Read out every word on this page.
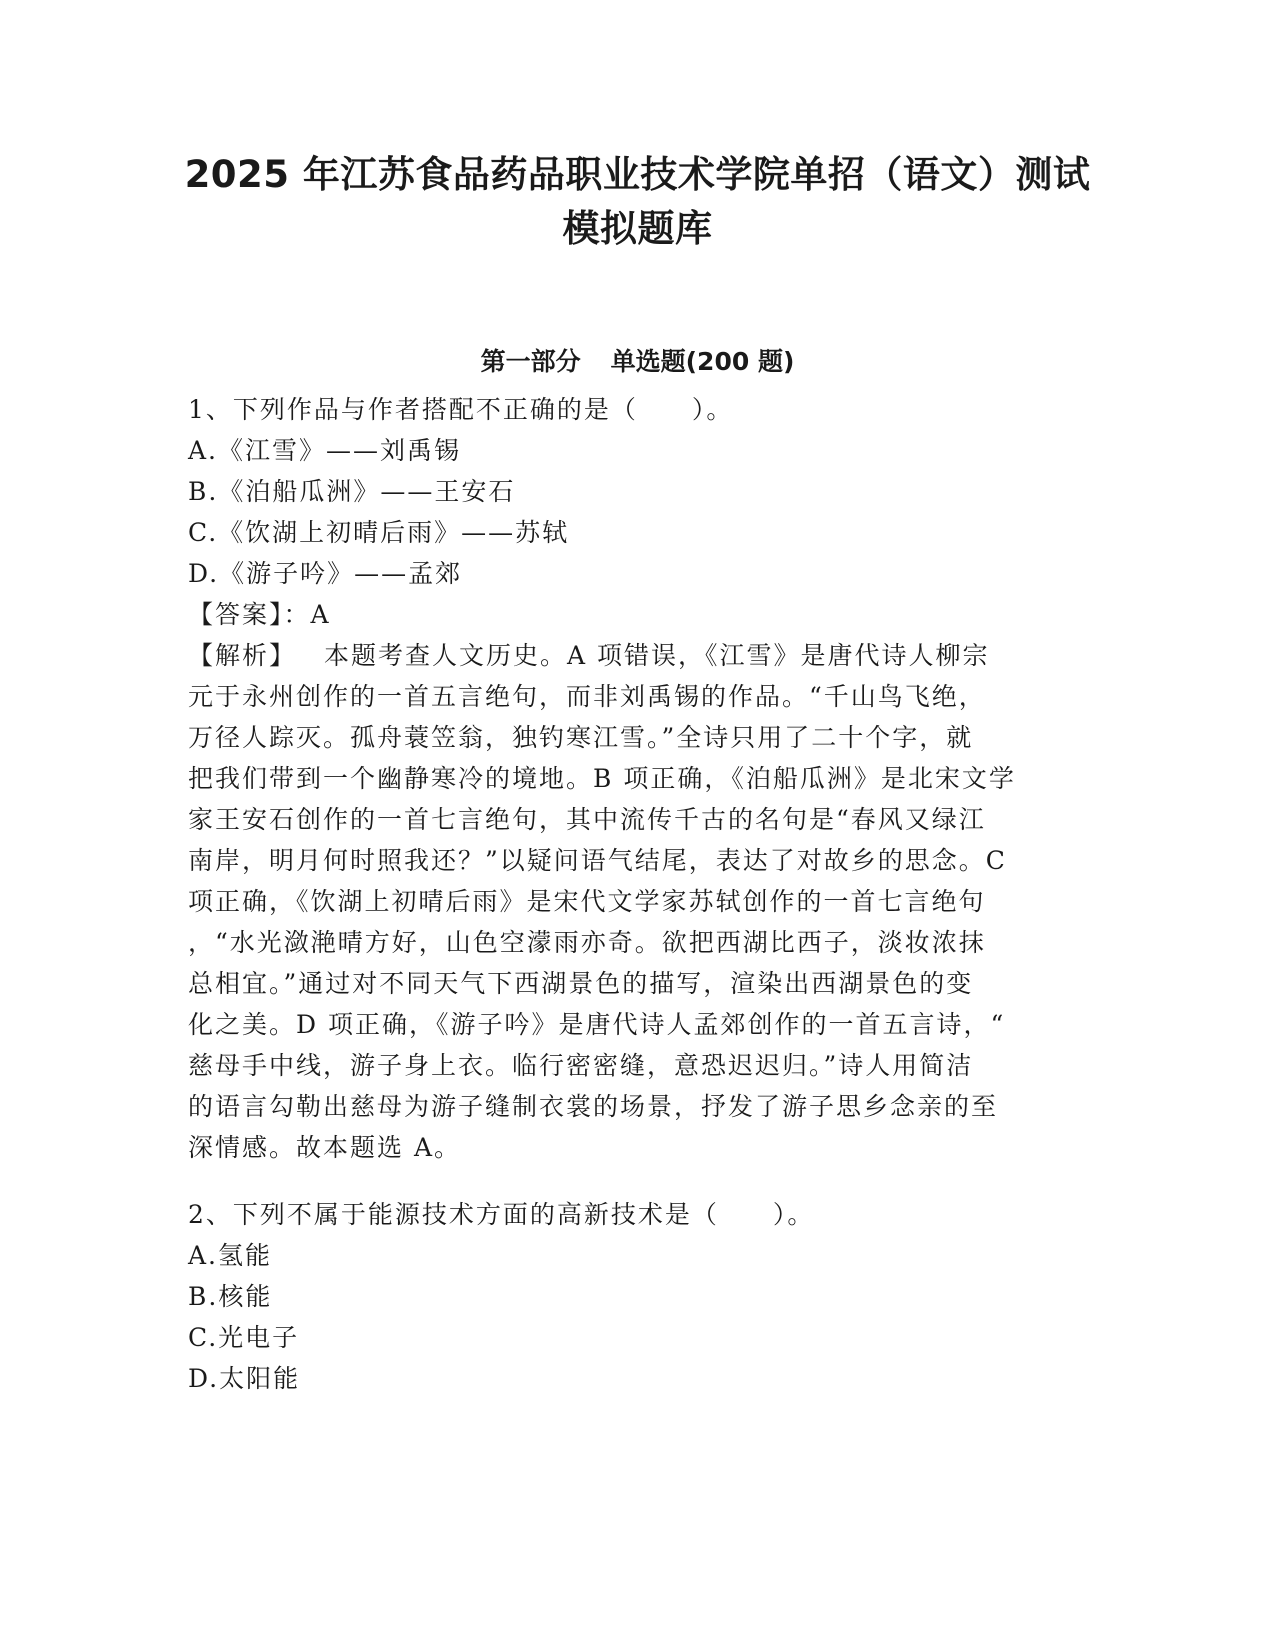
2025 年江苏食品药品职业技术学院单招（语文）测试
模拟题库
第一部分 单选题(200 题)

1、下列作品与作者搭配不正确的是（　　）。

A.《江雪》——刘禹锡

B.《泊船瓜洲》——王安石

C.《饮湖上初晴后雨》——苏轼

D.《游子吟》——孟郊

【答案】：A

【解析】 本题考查人文历史。A 项错误，《江雪》是唐代诗人柳宗

元于永州创作的一首五言绝句，而非刘禹锡的作品。“千山鸟飞绝，

万径人踪灭。孤舟蓑笠翁，独钓寒江雪。”全诗只用了二十个字，就

把我们带到一个幽静寒冷的境地。B 项正确，《泊船瓜洲》是北宋文学

家王安石创作的一首七言绝句，其中流传千古的名句是“春风又绿江

南岸，明月何时照我还？”以疑问语气结尾，表达了对故乡的思念。C

项正确，《饮湖上初晴后雨》是宋代文学家苏轼创作的一首七言绝句

，“水光潋滟晴方好，山色空濛雨亦奇。欲把西湖比西子，淡妆浓抹

总相宜。”通过对不同天气下西湖景色的描写，渲染出西湖景色的变

化之美。D 项正确，《游子吟》是唐代诗人孟郊创作的一首五言诗，“

慈母手中线，游子身上衣。临行密密缝，意恐迟迟归。”诗人用简洁

的语言勾勒出慈母为游子缝制衣裳的场景，抒发了游子思乡念亲的至

深情感。故本题选 A。

2、下列不属于能源技术方面的高新技术是（　　）。

A.氢能

B.核能

C.光电子

D.太阳能
